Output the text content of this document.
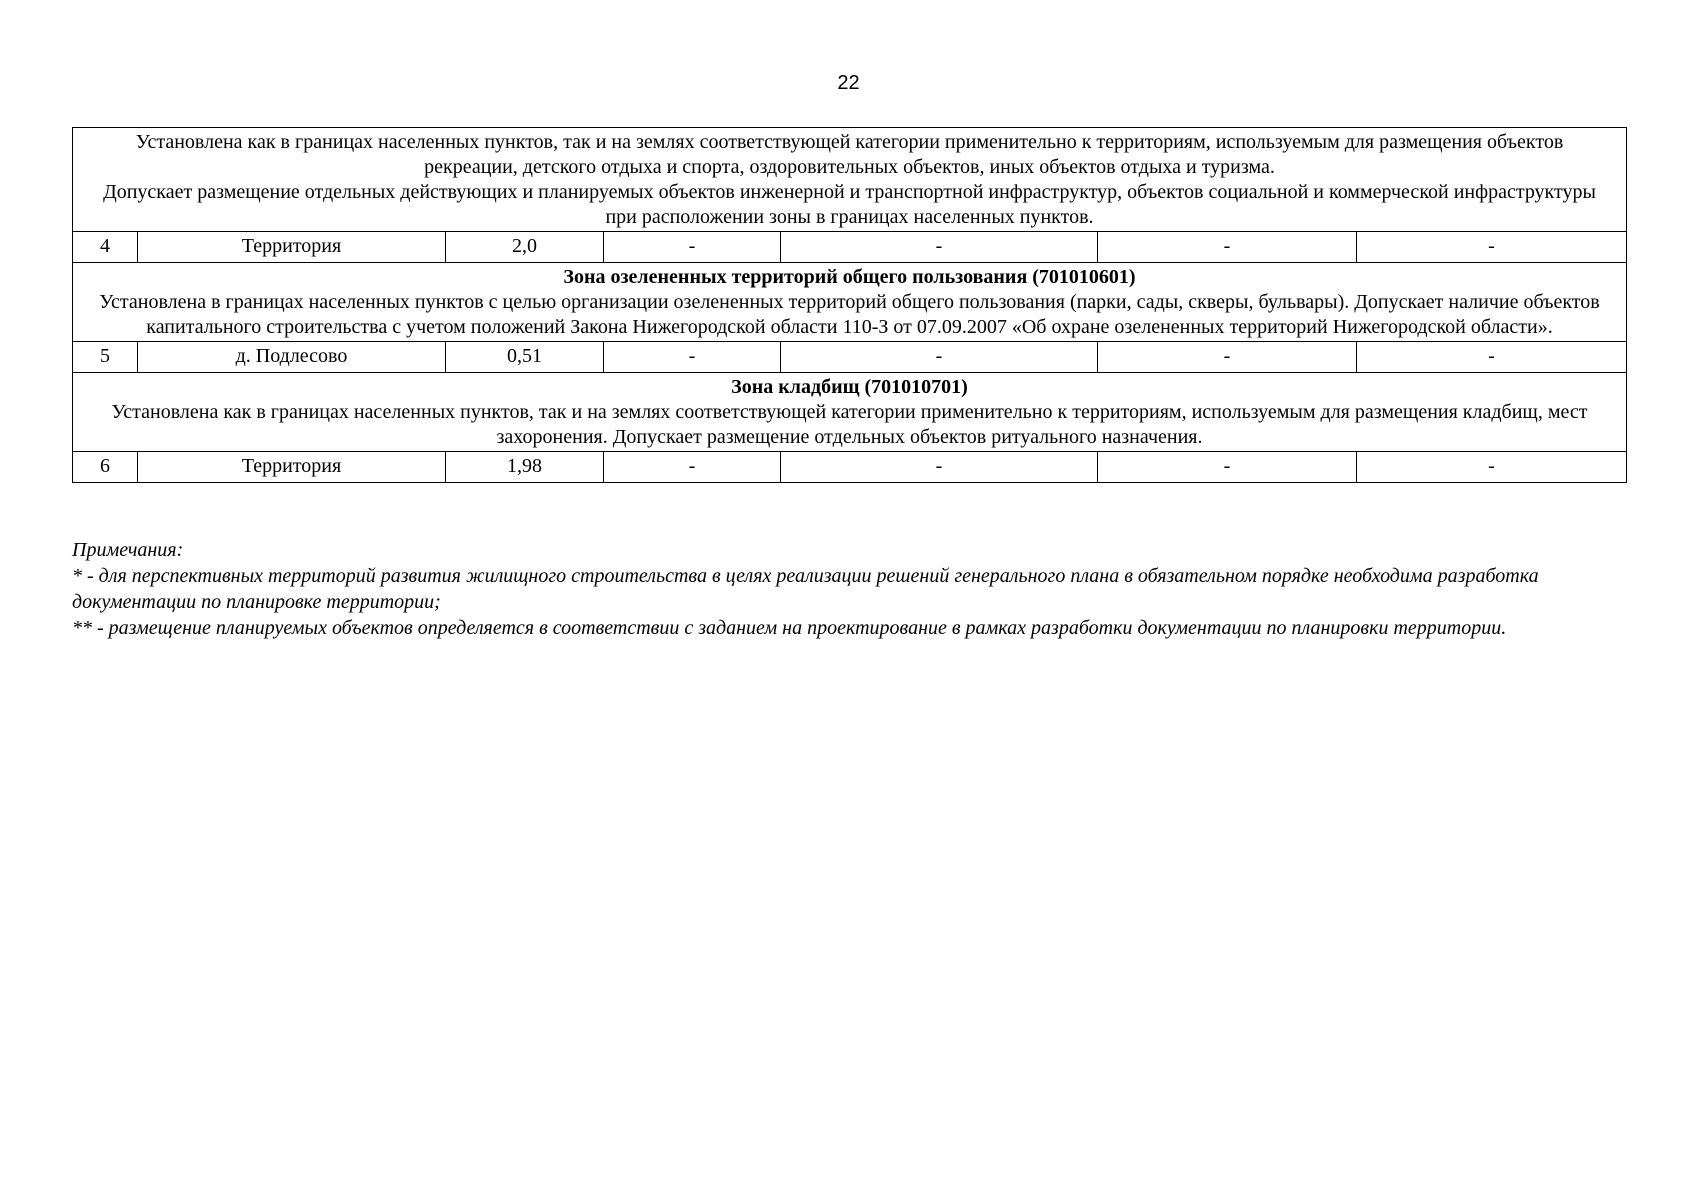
22
Установлена как в границах населенных пунктов, так и на землях соответствующей категории применительно к территориям, используемым для размещения объектов рекреации, детского отдыха и спорта, оздоровительных объектов, иных объектов отдыха и туризма.
Допускает размещение отдельных действующих и планируемых объектов инженерной и транспортной инфраструктур, объектов социальной и коммерческой инфраструктуры при расположении зоны в границах населенных пунктов.						

4	Территория	2,0	-	-	-	-

Зона озелененных территорий общего пользования (701010601)
Установлена в границах населенных пунктов с целью организации озелененных территорий общего пользования (парки, сады, скверы, бульвары). Допускает наличие объектов капитального строительства с учетом положений Закона Нижегородской области 110-З от 07.09.2007 «Об охране озелененных территорий Нижегородской области».						

5	д. Подлесово	0,51	-	-	-	-

Зона кладбищ (701010701)
Установлена как в границах населенных пунктов, так и на землях соответствующей категории применительно к территориям, используемым для размещения кладбищ, мест захоронения. Допускает размещение отдельных объектов ритуального назначения.						

6	Территория	1,98	-	-	-	-

Примечания:

* - для перспективных территорий развития жилищного строительства в целях реализации решений генерального плана в обязательном порядке необходима разработка документации по планировке территории;

** - размещение планируемых объектов определяется в соответствии с заданием на проектирование в рамках разработки документации по планировки территории.
